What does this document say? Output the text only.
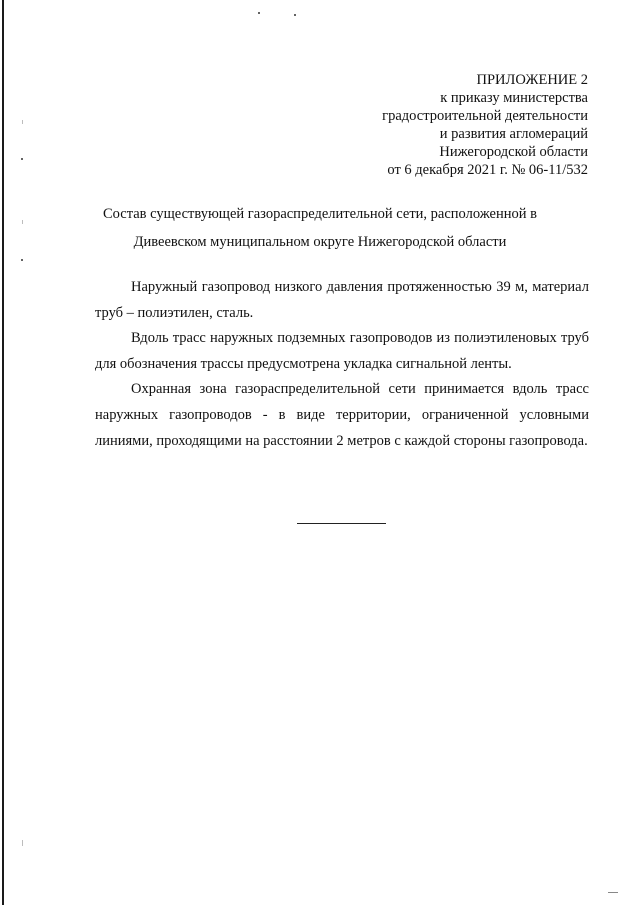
ПРИЛОЖЕНИЕ 2
к приказу министерства
градостроительной деятельности
и развития агломераций
Нижегородской области
от 6 декабря 2021 г. № 06-11/532
Состав существующей газораспределительной сети, расположенной в
Дивеевском муниципальном округе Нижегородской области

Наружный газопровод низкого давления протяженностью 39 м, материал труб – полиэтилен, сталь.

Вдоль трасс наружных подземных газопроводов из полиэтиленовых труб для обозначения трассы предусмотрена укладка сигнальной ленты.

Охранная зона газораспределительной сети принимается вдоль трасс наружных газопроводов - в виде территории, ограниченной условными линиями, проходящими на расстоянии 2 метров с каждой стороны газопровода.
